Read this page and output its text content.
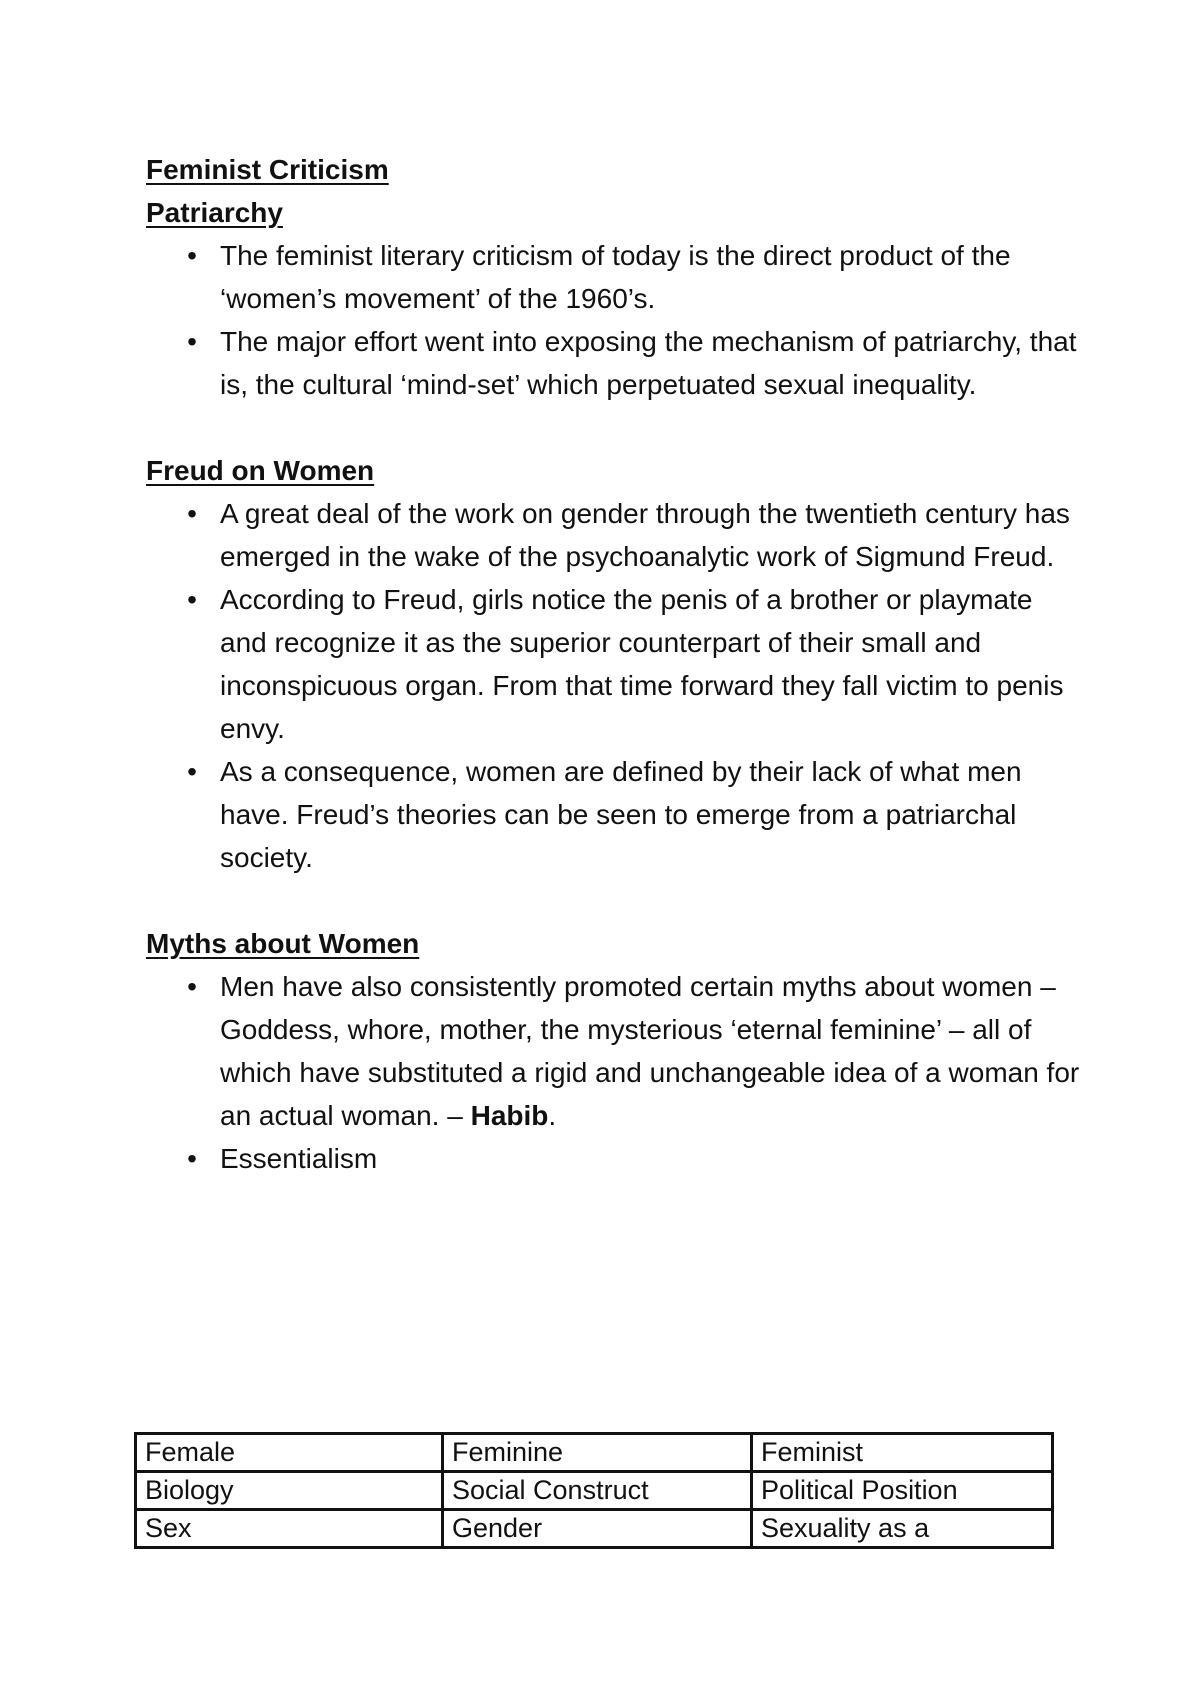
Feminist Criticism

Patriarchy

• The feminist literary criticism of today is the direct product of the ‘women’s movement’ of the 1960’s.
• The major effort went into exposing the mechanism of patriarchy, that is, the cultural ‘mind-set’ which perpetuated sexual inequality.

Freud on Women

• A great deal of the work on gender through the twentieth century has emerged in the wake of the psychoanalytic work of Sigmund Freud.
• According to Freud, girls notice the penis of a brother or playmate and recognize it as the superior counterpart of their small and inconspicuous organ. From that time forward they fall victim to penis envy.
• As a consequence, women are defined by their lack of what men have. Freud’s theories can be seen to emerge from a patriarchal society.

Myths about Women

• Men have also consistently promoted certain myths about women – Goddess, whore, mother, the mysterious ‘eternal feminine’ – all of which have substituted a rigid and unchangeable idea of a woman for an actual woman. – Habib.
• Essentialism
Female	Feminine	Feminist
Biology	Social Construct	Political Position
Sex	Gender	Sexuality as a
